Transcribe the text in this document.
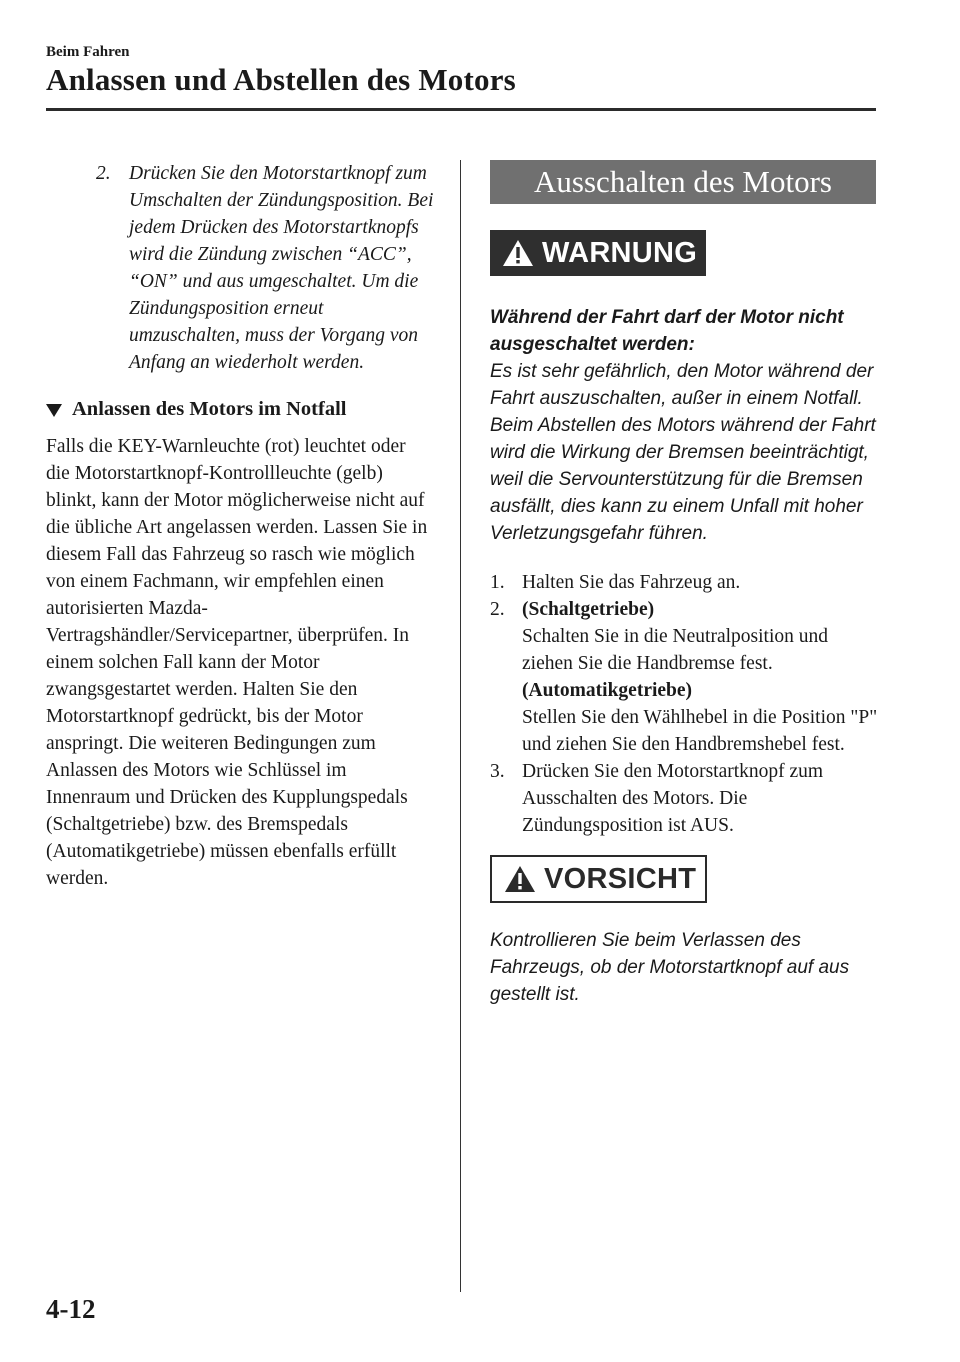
Beim Fahren
Anlassen und Abstellen des Motors
2. Drücken Sie den Motorstartknopf zum Umschalten der Zündungsposition. Bei jedem Drücken des Motorstartknopfs wird die Zündung zwischen “ACC”, “ON” und aus umgeschaltet. Um die Zündungsposition erneut umzuschalten, muss der Vorgang von Anfang an wiederholt werden.
Anlassen des Motors im Notfall

Falls die KEY-Warnleuchte (rot) leuchtet oder die Motorstartknopf-Kontrollleuchte (gelb) blinkt, kann der Motor möglicherweise nicht auf die übliche Art angelassen werden. Lassen Sie in diesem Fall das Fahrzeug so rasch wie möglich von einem Fachmann, wir empfehlen einen autorisierten Mazda-Vertragshändler/Servicepartner, überprüfen. In einem solchen Fall kann der Motor zwangsgestartet werden. Halten Sie den Motorstartknopf gedrückt, bis der Motor anspringt. Die weiteren Bedingungen zum Anlassen des Motors wie Schlüssel im Innenraum und Drücken des Kupplungspedals (Schaltgetriebe) bzw. des Bremspedals (Automatikgetriebe) müssen ebenfalls erfüllt werden.

Ausschalten des Motors
WARNUNG

Während der Fahrt darf der Motor nicht ausgeschaltet werden:

Es ist sehr gefährlich, den Motor während der Fahrt auszuschalten, außer in einem Notfall. Beim Abstellen des Motors während der Fahrt wird die Wirkung der Bremsen beeinträchtigt, weil die Servounterstützung für die Bremsen ausfällt, dies kann zu einem Unfall mit hoher Verletzungsgefahr führen.

1. Halten Sie das Fahrzeug an.
2. (Schaltgetriebe)
Schalten Sie in die Neutralposition und ziehen Sie die Handbremse fest.
(Automatikgetriebe)
Stellen Sie den Wählhebel in die Position "P" und ziehen Sie den Handbremshebel fest.
3. Drücken Sie den Motorstartknopf zum Ausschalten des Motors. Die Zündungsposition ist AUS.
VORSICHT

Kontrollieren Sie beim Verlassen des Fahrzeugs, ob der Motorstartknopf auf aus gestellt ist.

4-12
